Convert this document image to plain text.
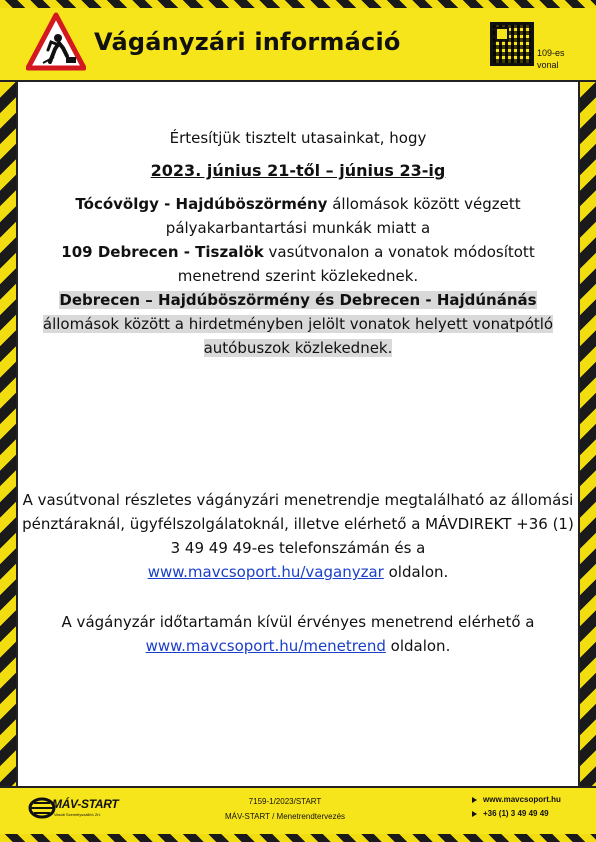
Vágányzári információ	109-es vonal
Értesítjük tisztelt utasainkat, hogy
2023. június 21-től – június 23-ig
Tócóvölgy - Hajdúböszörmény állomások között végzett pályakarbantartási munkák miatt a
109 Debrecen - Tiszalök vasútvonalon a vonatok módosított menetrend szerint közlekednek.
Debrecen – Hajdúböszörmény és Debrecen - Hajdúnánás állomások között a hirdetményben jelölt vonatok helyett vonatpótló autóbuszok közlekednek.
A vasútvonal részletes vágányzári menetrendje megtalálható az állomási pénztáraknál, ügyfélszolgálatoknál, illetve elérhető a MÁVDIREKT +36 (1) 3 49 49 49-es telefonszámán és a
www.mavcsoport.hu/vaganyzar oldalon.
A vágányzár időtartamán kívül érvényes menetrend elérhető a
www.mavcsoport.hu/menetrend oldalon.
MÁV-START
Vasúti Személyszállító Zrt.
7159-1/2023/START
MÁV-START / Menetrendtervezés
www.mavcsoport.hu
+36 (1) 3 49 49 49
